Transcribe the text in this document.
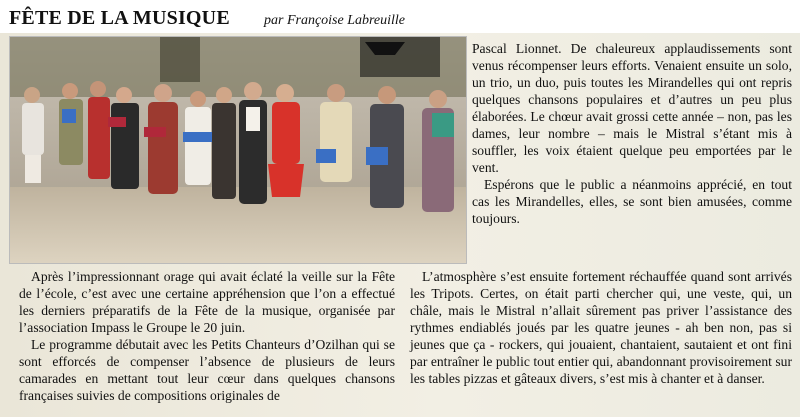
FÊTE DE LA MUSIQUE par Françoise Labreuille

Pascal Lionnet. De chaleureux applaudissements sont venus récompenser leurs efforts. Venaient ensuite un solo, un trio, un duo, puis toutes les Mirandelles qui ont repris quelques chansons populaires et d’autres un peu plus élaborées. Le chœur avait grossi cette année – non, pas les dames, leur nombre – mais le Mistral s’étant mis à souffler, les voix étaient quelque peu emportées par le vent.

Espérons que le public a néanmoins apprécié, en tout cas les Mirandelles, elles, se sont bien amusées, comme toujours.

Après l’impressionnant orage qui avait éclaté la veille sur la Fête de l’école, c’est avec une certaine appréhension que l’on a effectué les derniers préparatifs de la Fête de la musique, organisée par l’association Impass le Groupe le 20 juin.

Le programme débutait avec les Petits Chanteurs d’Ozilhan qui se sont efforcés de compenser l’absence de plusieurs de leurs camarades en mettant tout leur cœur dans quelques chansons françaises suivies de compositions originales de

L’atmosphère s’est ensuite fortement réchauffée quand sont arrivés les Tripots. Certes, on était parti chercher qui, une veste, qui, un châle, mais le Mistral n’allait sûrement pas priver l’assistance des rythmes endiablés joués par les quatre jeunes - ah ben non, pas si jeunes que ça - rockers, qui jouaient, chantaient, sautaient et ont fini par entraîner le public tout entier qui, abandonnant provisoirement sur les tables pizzas et gâteaux divers, s’est mis à chanter et à danser.
